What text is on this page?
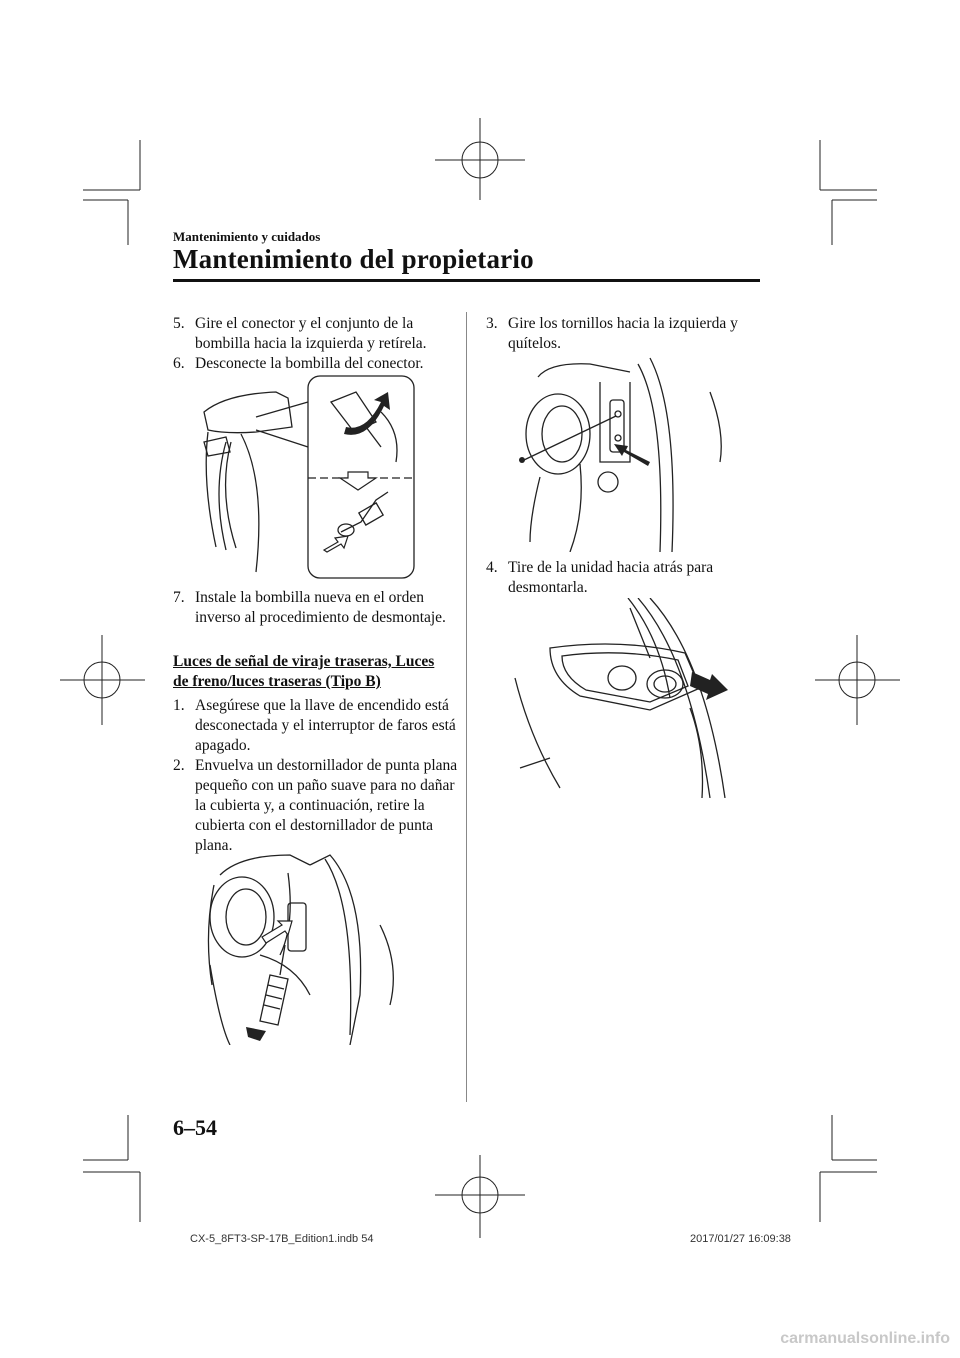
Mantenimiento y cuidados
Mantenimiento del propietario
5. Gire el conector y el conjunto de la bombilla hacia la izquierda y retírela.
6. Desconecte la bombilla del conector.
7. Instale la bombilla nueva en el orden inverso al procedimiento de desmontaje.
Luces de señal de viraje traseras, Luces
de freno/luces traseras (Tipo B)
1. Asegúrese que la llave de encendido está desconectada y el interruptor de faros está apagado.
2. Envuelva un destornillador de punta plana pequeño con un paño suave para no dañar la cubierta y, a continuación, retire la cubierta con el destornillador de punta plana.
3. Gire los tornillos hacia la izquierda y quítelos.
4. Tire de la unidad hacia atrás para desmontarla.
6–54
CX-5_8FT3-SP-17B_Edition1.indb 54	2017/01/27 16:09:38
carmanualsonline.info
